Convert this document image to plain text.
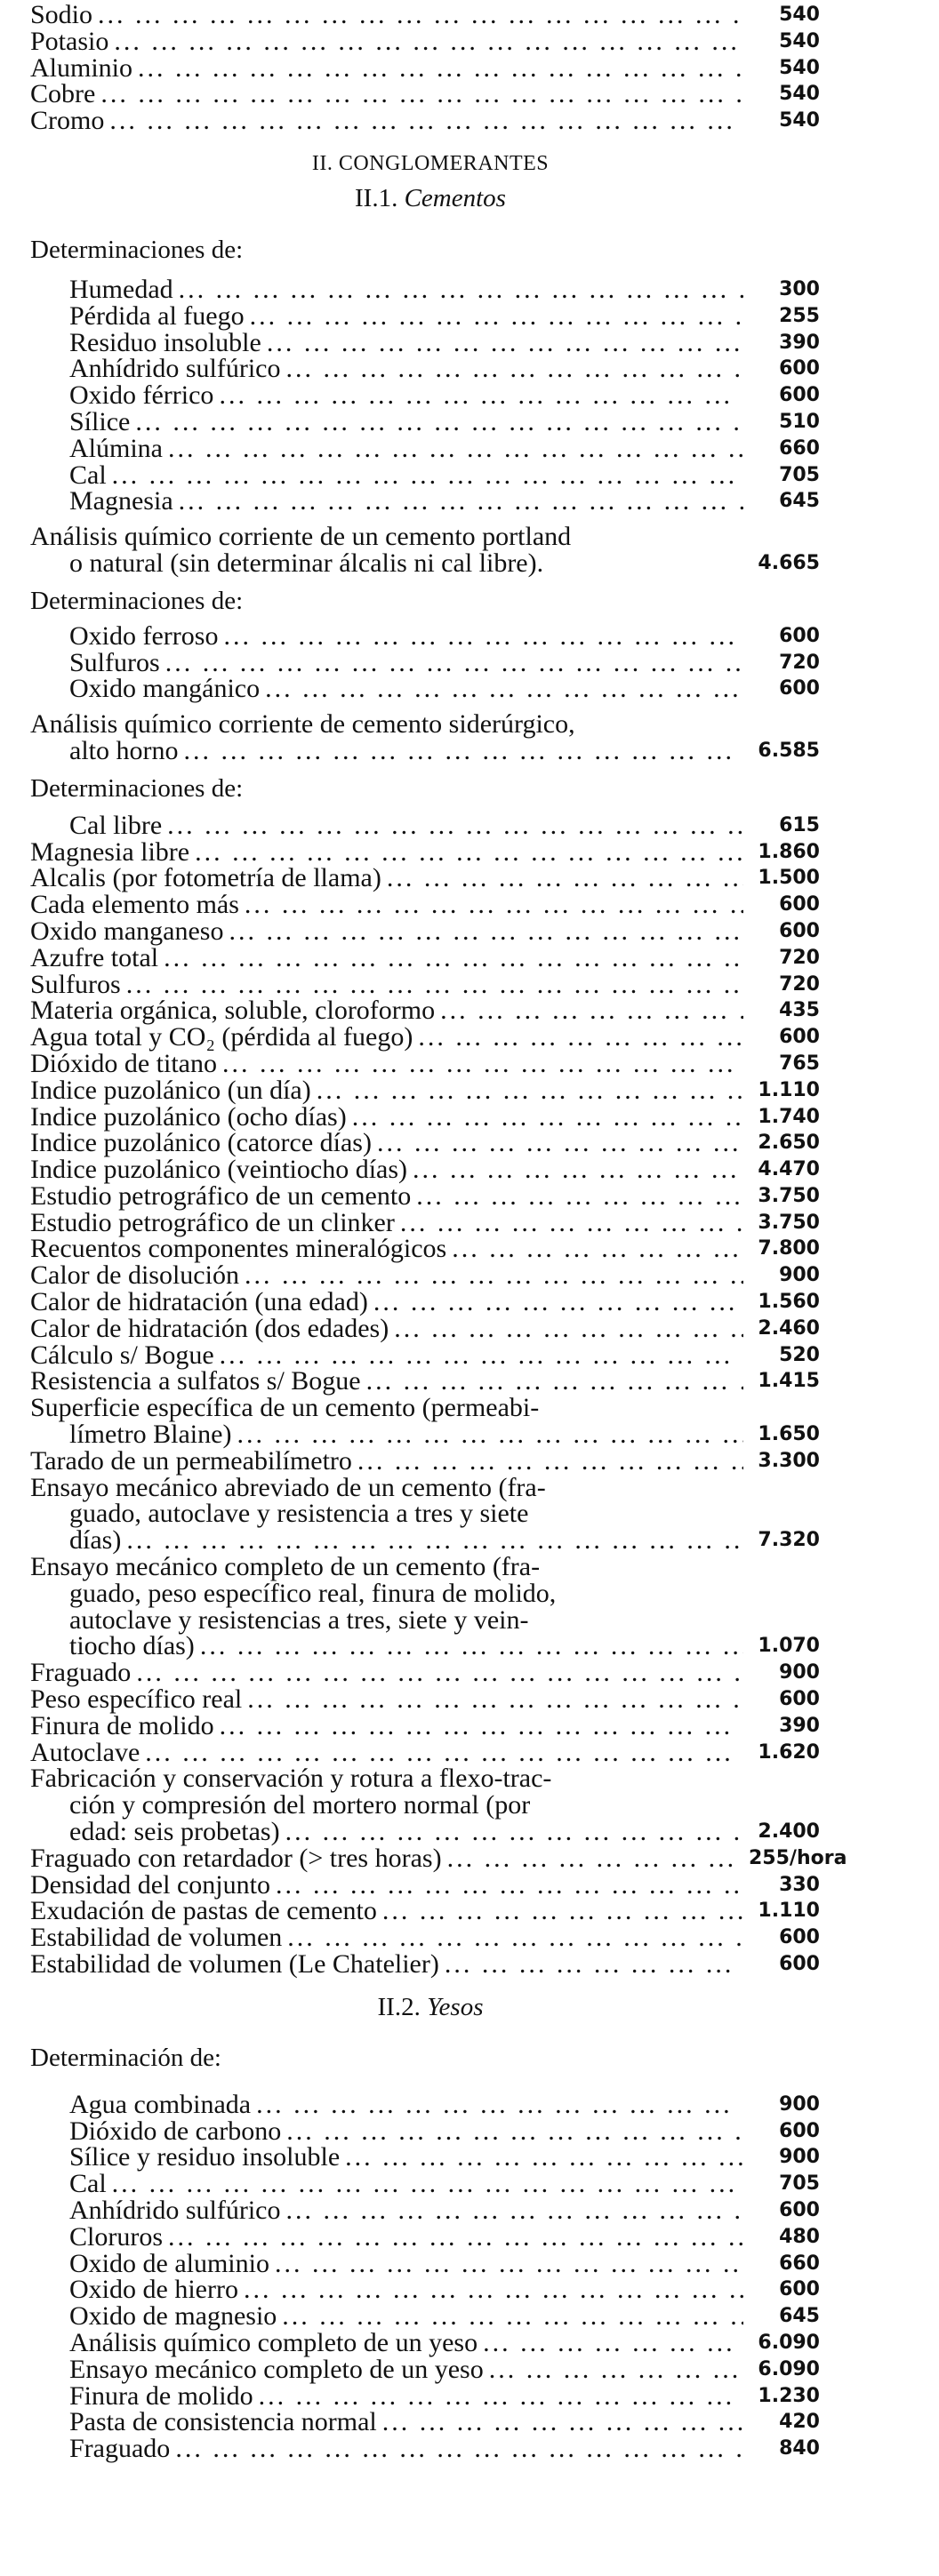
Sodio ... .	540
Potasio ... .	540
Aluminio ... .	540
Cobre ... .	540
Cromo ... .	540
II. CONGLOMERANTES
II.1. Cementos
Determinaciones de:
Humedad ... .	300
Pérdida al fuego ... .	255
Residuo insoluble ... .	390
Anhídrido sulfúrico ... .	600
Oxido férrico ... .	600
Sílice ... .	510
Alúmina ... .	660
Cal ... .	705
Magnesia ... .	645
Análisis químico corriente de un cemento portland
o natural (sin determinar álcalis ni cal libre).	4.665
Determinaciones de:
Oxido ferroso ... .	600
Sulfuros ... .	720
Oxido mangánico ... .	600
Análisis químico corriente de cemento siderúrgico,
alto horno ... .	6.585
Determinaciones de:
Cal libre ... .	615
Magnesia libre ... .	1.860
Alcalis (por fotometría de llama) ... .	1.500
Cada elemento más ... .	600
Oxido manganeso ... .	600
Azufre total ... .	720
Sulfuros ... .	720
Materia orgánica, soluble, cloroformo ... .	435
Agua total y CO₂ (pérdida al fuego) ... .	600
Dióxido de titano ... .	765
Indice puzolánico (un día) ... .	1.110
Indice puzolánico (ocho días) ... .	1.740
Indice puzolánico (catorce días) ... .	2.650
Indice puzolánico (veintiocho días) ... .	4.470
Estudio petrográfico de un cemento ... .	3.750
Estudio petrográfico de un clinker ... .	3.750
Recuentos componentes mineralógicos ... .	7.800
Calor de disolución ... .	900
Calor de hidratación (una edad) ... .	1.560
Calor de hidratación (dos edades) ... .	2.460
Cálculo s/ Bogue ... .	520
Resistencia a sulfatos s/ Bogue ... .	1.415
Superficie específica de un cemento (permeabi-
límetro Blaine) ... .	1.650
Tarado de un permeabilímetro ... .	3.300
Ensayo mecánico abreviado de un cemento (fra-
guado, autoclave y resistencia a tres y siete
días) ... .	7.320
Ensayo mecánico completo de un cemento (fra-
guado, peso específico real, finura de molido,
autoclave y resistencias a tres, siete y vein-
tiocho días) ... .	1.070
Fraguado ... .	900
Peso específico real ... .	600
Finura de molido ... .	390
Autoclave ... .	1.620
Fabricación y conservación y rotura a flexo-trac-
ción y compresión del mortero normal (por
edad: seis probetas) ... .	2.400
Fraguado con retardador (> tres horas) ... .	255/hora
Densidad del conjunto ... .	330
Exudación de pastas de cemento ... .	1.110
Estabilidad de volumen ... .	600
Estabilidad de volumen (Le Chatelier) ... .	600
II.2. Yesos
Determinación de:
Agua combinada ... .	900
Dióxido de carbono ... .	600
Sílice y residuo insoluble ... .	900
Cal ... .	705
Anhídrido sulfúrico ... .	600
Cloruros ... .	480
Oxido de aluminio ... .	660
Oxido de hierro ... .	600
Oxido de magnesio ... .	645
Análisis químico completo de un yeso ... .	6.090
Ensayo mecánico completo de un yeso ... .	6.090
Finura de molido ... .	1.230
Pasta de consistencia normal ... .	420
Fraguado ... .	840
